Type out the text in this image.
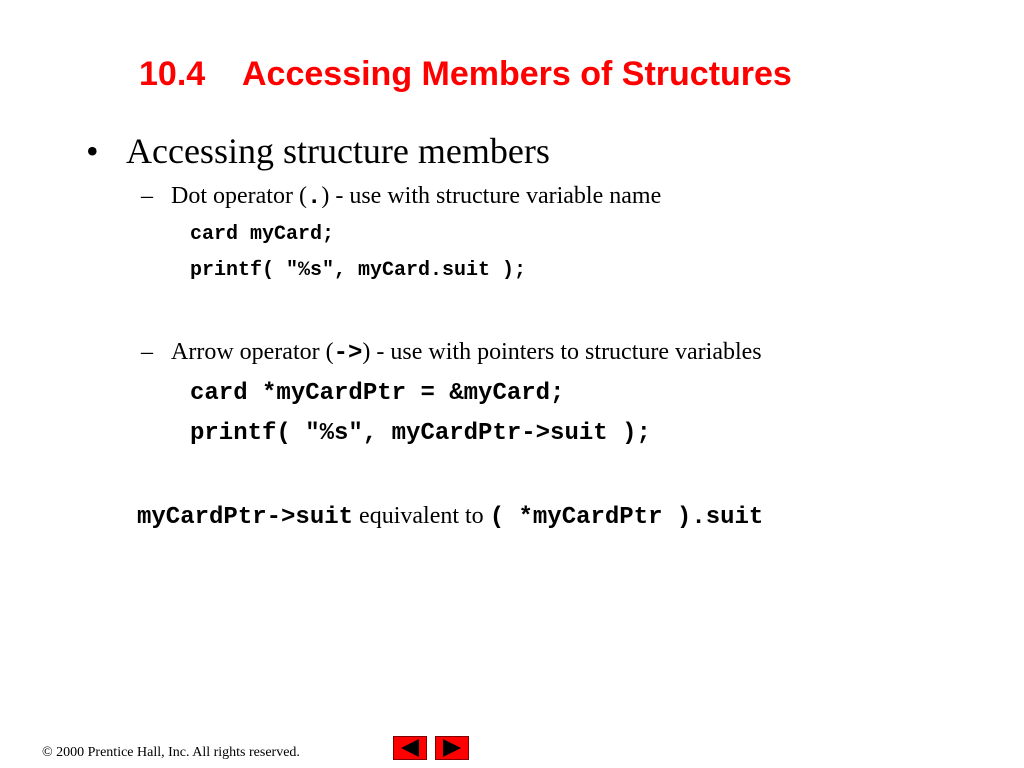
10.4 Accessing Members of Structures
• Accessing structure members
– Dot operator (.) - use with structure variable name
card myCard;
printf( "%s", myCard.suit );
– Arrow operator (->) - use with pointers to structure variables
card *myCardPtr = &myCard;
printf( "%s", myCardPtr->suit );
myCardPtr->suit equivalent to ( *myCardPtr ).suit
© 2000 Prentice Hall, Inc. All rights reserved.
